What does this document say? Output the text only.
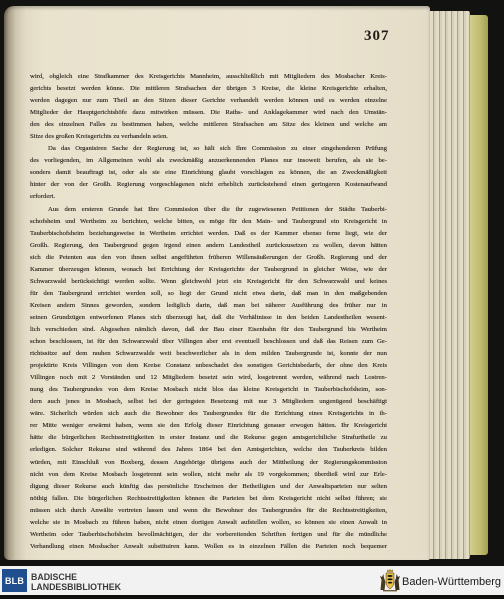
307
wird, obgleich eine Strafkammer des Kreisgerichts Mannheim, ausschließlich mit Mitgliedern des Mosbacher Kreis-
gerichts besetzt werden könne. Die mittleren Strafsachen der übrigen 3 Kreise, die kleine Kreisgerichte erhalten,
werden dagegen nur zum Theil an den Sitzen dieser Gerichte verhandelt werden können und es werden einzelne
Mitglieder der Hauptgerichtshöfe dazu mitwirken müssen. Die Raths- und Anklagekammer wird nach den Umstän-
den des einzelnen Falles zu bestimmen haben, welche mittleren Strafsachen am Sitze des kleinen und welche am
Sitze des großen Kreisgerichts zu verhandeln seien.
Da das Organisiren Sache der Regierung ist, so hält sich Ihre Commission zu einer eingehenderen Prüfung
des vorliegenden, im Allgemeinen wohl als zweckmäßig anzuerkennenden Planes nur insoweit berufen, als sie be-
sonders damit beauftragt ist, oder als sie eine Einrichtung glaubt vorschlagen zu können, die an Zweckmäßigkeit
hinter der von der Großh. Regierung vorgeschlagenen nicht erheblich zurückstehend einen geringeren Kostenaufwand
erfordert.
Aus dem ersteren Grunde hat Ihre Commission über die ihr zugewiesenen Petitionen der Städte Tauberbi-
schofsheim und Wertheim zu berichten, welche bitten, es möge für den Main- und Taubergrund ein Kreisgericht in
Tauberbischofsheim beziehungsweise in Wertheim errichtet werden. Daß es der Kammer ebenso ferne liegt, wie der
Großh. Regierung, den Taubergrund gegen irgend einen andern Landestheil zurückzusetzen zu wollen, davon hätten
sich die Petenten aus den von ihnen selbst angeführten früheren Willensäußerungen der Großh. Regierung und der
Kammer überzeugen können, wonach bei Errichtung der Kreisgerichte der Taubergrund in gleicher Weise, wie der
Schwarzwald berücksichtigt werden sollte. Wenn gleichwohl jetzt ein Kreisgericht für den Schwarzwald und keines
für den Taubergrund errichtet werden soll, so liegt der Grund nicht etwa darin, daß man in den maßgebenden
Kreisen andern Sinnes geworden, sondern lediglich darin, daß man bei näherer Ausführung des früher nur in
seinen Grundzügen entworfenen Planes sich überzeugt hat, daß die Verhältnisse in den beiden Landestheilen wesent-
lich verschieden sind. Abgesehen nämlich davon, daß der Bau einer Eisenbahn für den Taubergrund bis Wertheim
schon beschlossen, ist für den Schwarzwald über Villingen aber erst eventuell beschlossen und daß das Reisen zum Ge-
richtssitze auf dem rauhen Schwarzwalde weit beschwerlicher als in dem milden Taubergrunde ist, konnte der nun
projektirte Kreis Villingen von dem Kreise Constanz unbeschadet des sonstigen Gerichtsbedarfs, der ohne den Kreis
Villingen noch mit 2 Vorständen und 12 Mitgliedern besetzt sein wird, losgetrennt werden, während nach Lostren-
nung des Taubergrundes von dem Kreise Mosbach nicht blos das kleine Kreisgericht in Tauberbischofsheim, son-
dern auch jenes in Mosbach, selbst bei der geringsten Besetzung mit nur 3 Mitgliedern ungenügend beschäftigt
wäre. Sicherlich würden sich auch die Bewohner des Taubergrundes für die Errichtung eines Kreisgerichts in ih-
rer Mitte weniger erwärmt haben, wenn sie den Erfolg dieser Einrichtung genauer erwogen hätten. Ihr Kreisgericht
hätte die bürgerlichen Rechtsstreitigkeiten in erster Instanz und die Rekurse gegen amtsgerichtliche Strafurtheile zu
erledigen. Solcher Rekurse sind während des Jahres 1864 bei den Amtsgerichten, welche den Tauberkreis bilden
würden, mit Einschluß von Boxberg, dessen Angehörige übrigens auch der Mittheilung der Regierungskommission
nicht von dem Kreise Mosbach losgetrennt sein wollen, nicht mehr als 19 vorgekommen; überdieß wird zur Erle-
digung dieser Rekurse auch künftig das persönliche Erscheinen der Betheiligten und der Anwaltsparteien nur selten
nöthig fallen. Die bürgerlichen Rechtsstreitigkeiten können die Parteien bei dem Kreisgericht nicht selbst führen; sie
müssen sich durch Anwälte vertreten lassen und wenn die Bewohner des Taubergrundes für die Rechtsstreitigkeiten,
welche sie in Mosbach zu führen haben, nicht einen dortigen Anwalt aufstellen wollen, so können sie einen Anwalt in
Wertheim oder Tauberbischofsheim bevollmächtigen, der die vorbereitenden Schriften fertigen und für die mündliche
Verhandlung einen Mosbacher Anwalt substituiren kann. Wollen es in einzelnen Fällen die Parteien noch bequemer
BLB BADISCHE
LANDESBIBLIOTHEK	Baden-Württemberg
